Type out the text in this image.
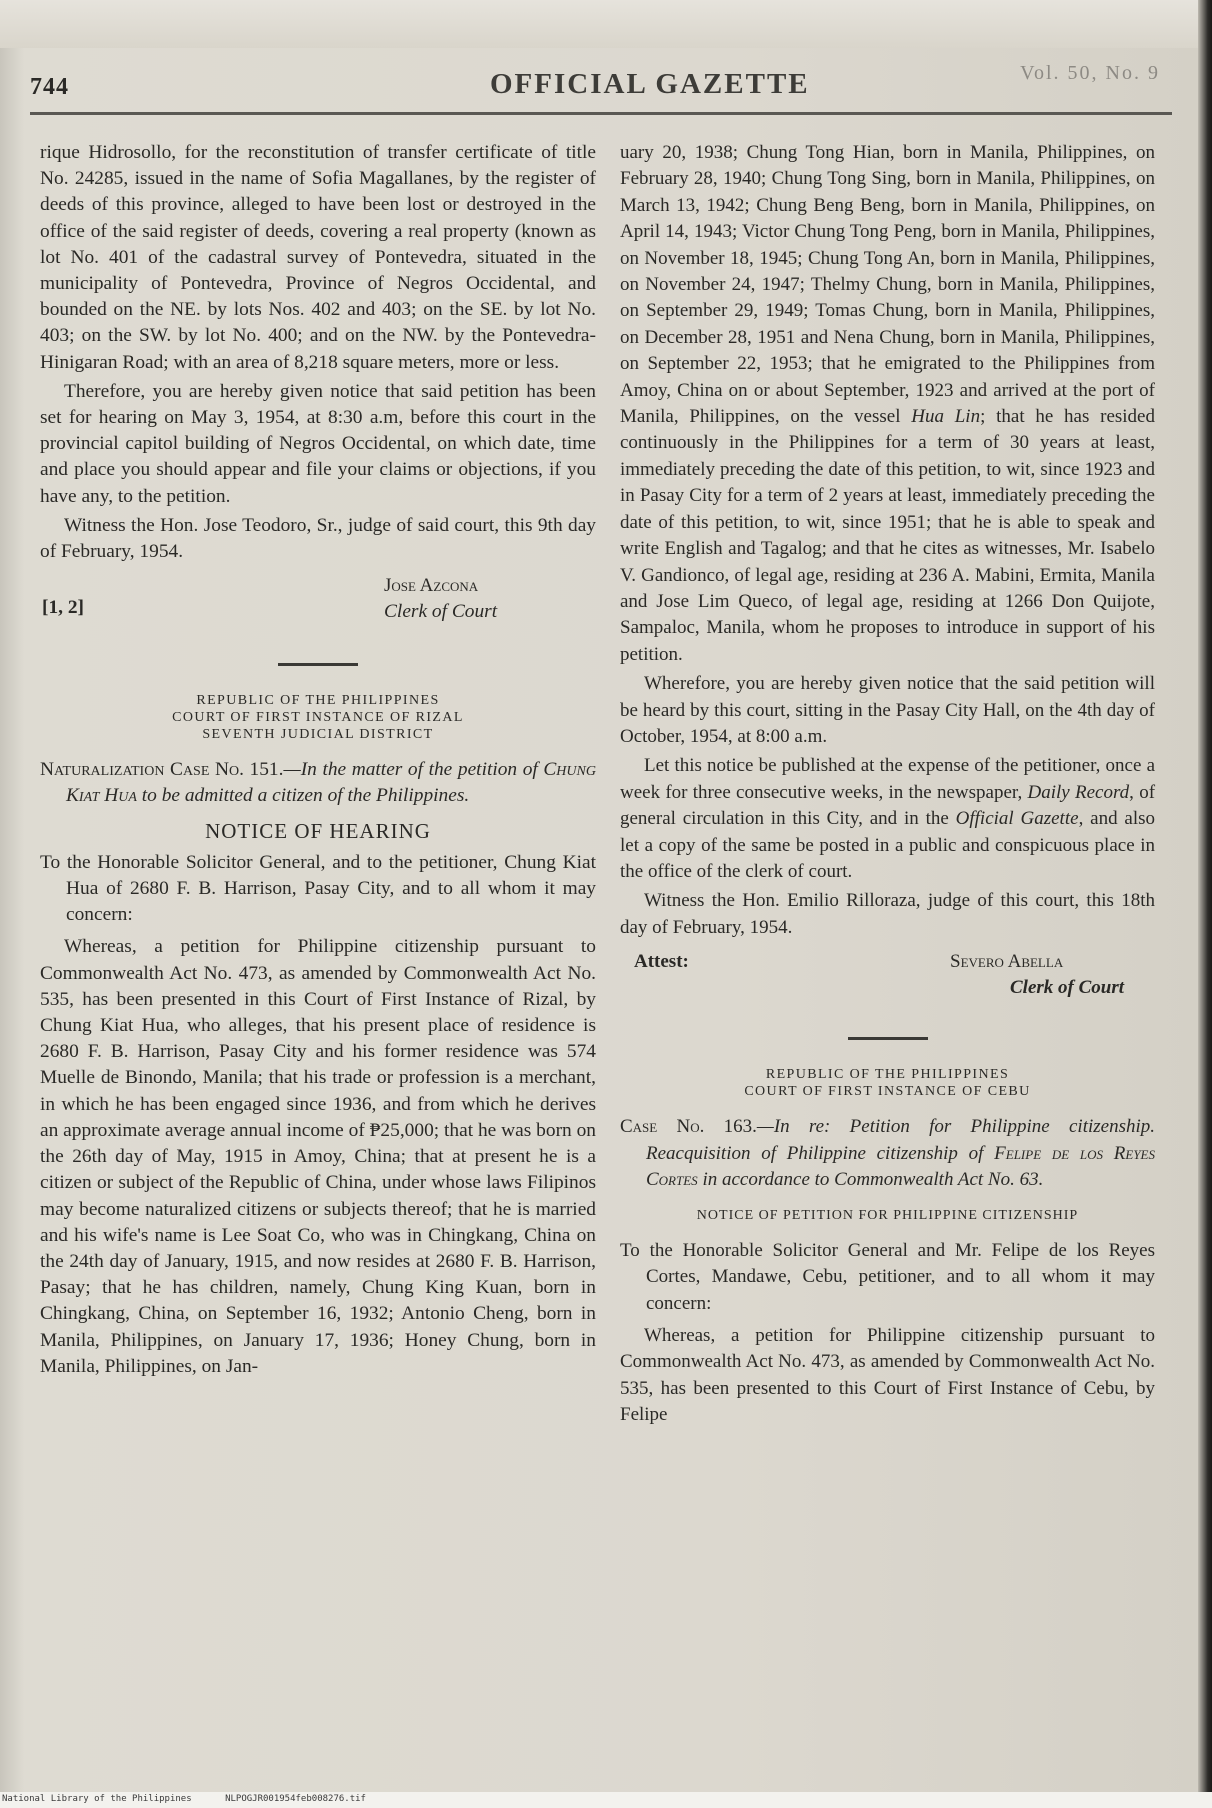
744	OFFICIAL GAZETTE	Vol. 50, No. 9

rique Hidrosollo, for the reconstitution of transfer certificate of title No. 24285, issued in the name of Sofia Magallanes, by the register of deeds of this province, alleged to have been lost or destroyed in the office of the said register of deeds, covering a real property (known as lot No. 401 of the cadastral survey of Pontevedra, situated in the municipality of Pontevedra, Province of Negros Occidental, and bounded on the NE. by lots Nos. 402 and 403; on the SE. by lot No. 403; on the SW. by lot No. 400; and on the NW. by the Pontevedra-Hinigaran Road; with an area of 8,218 square meters, more or less.

Therefore, you are hereby given notice that said petition has been set for hearing on May 3, 1954, at 8:30 a.m, before this court in the provincial capitol building of Negros Occidental, on which date, time and place you should appear and file your claims or objections, if you have any, to the petition.

Witness the Hon. Jose Teodoro, Sr., judge of said court, this 9th day of February, 1954.

Jose Azcona
Clerk of Court
[1, 2]
REPUBLIC OF THE PHILIPPINES
COURT OF FIRST INSTANCE OF RIZAL
SEVENTH JUDICIAL DISTRICT

Naturalization Case No. 151.—In the matter of the petition of Chung Kiat Hua to be admitted a citizen of the Philippines.

NOTICE OF HEARING

To the Honorable Solicitor General, and to the petitioner, Chung Kiat Hua of 2680 F. B. Harrison, Pasay City, and to all whom it may concern:

Whereas, a petition for Philippine citizenship pursuant to Commonwealth Act No. 473, as amended by Commonwealth Act No. 535, has been presented in this Court of First Instance of Rizal, by Chung Kiat Hua, who alleges, that his present place of residence is 2680 F. B. Harrison, Pasay City and his former residence was 574 Muelle de Binondo, Manila; that his trade or profession is a merchant, in which he has been engaged since 1936, and from which he derives an approximate average annual income of ₱25,000; that he was born on the 26th day of May, 1915 in Amoy, China; that at present he is a citizen or subject of the Republic of China, under whose laws Filipinos may become naturalized citizens or subjects thereof; that he is married and his wife's name is Lee Soat Co, who was in Chingkang, China on the 24th day of January, 1915, and now resides at 2680 F. B. Harrison, Pasay; that he has children, namely, Chung King Kuan, born in Chingkang, China, on September 16, 1932; Antonio Cheng, born in Manila, Philippines, on January 17, 1936; Honey Chung, born in Manila, Philippines, on Jan-

uary 20, 1938; Chung Tong Hian, born in Manila, Philippines, on February 28, 1940; Chung Tong Sing, born in Manila, Philippines, on March 13, 1942; Chung Beng Beng, born in Manila, Philippines, on April 14, 1943; Victor Chung Tong Peng, born in Manila, Philippines, on November 18, 1945; Chung Tong An, born in Manila, Philippines, on November 24, 1947; Thelmy Chung, born in Manila, Philippines, on September 29, 1949; Tomas Chung, born in Manila, Philippines, on December 28, 1951 and Nena Chung, born in Manila, Philippines, on September 22, 1953; that he emigrated to the Philippines from Amoy, China on or about September, 1923 and arrived at the port of Manila, Philippines, on the vessel Hua Lin; that he has resided continuously in the Philippines for a term of 30 years at least, immediately preceding the date of this petition, to wit, since 1923 and in Pasay City for a term of 2 years at least, immediately preceding the date of this petition, to wit, since 1951; that he is able to speak and write English and Tagalog; and that he cites as witnesses, Mr. Isabelo V. Gandionco, of legal age, residing at 236 A. Mabini, Ermita, Manila and Jose Lim Queco, of legal age, residing at 1266 Don Quijote, Sampaloc, Manila, whom he proposes to introduce in support of his petition.

Wherefore, you are hereby given notice that the said petition will be heard by this court, sitting in the Pasay City Hall, on the 4th day of October, 1954, at 8:00 a.m.

Let this notice be published at the expense of the petitioner, once a week for three consecutive weeks, in the newspaper, Daily Record, of general circulation in this City, and in the Official Gazette, and also let a copy of the same be posted in a public and conspicuous place in the office of the clerk of court.

Witness the Hon. Emilio Rilloraza, judge of this court, this 18th day of February, 1954.

Attest:	Severo Abella
Clerk of Court
REPUBLIC OF THE PHILIPPINES
COURT OF FIRST INSTANCE OF CEBU

Case No. 163.—In re: Petition for Philippine citizenship. Reacquisition of Philippine citizenship of Felipe de los Reyes Cortes in accordance to Commonwealth Act No. 63.

NOTICE OF PETITION FOR PHILIPPINE CITIZENSHIP

To the Honorable Solicitor General and Mr. Felipe de los Reyes Cortes, Mandawe, Cebu, petitioner, and to all whom it may concern:

Whereas, a petition for Philippine citizenship pursuant to Commonwealth Act No. 473, as amended by Commonwealth Act No. 535, has been presented to this Court of First Instance of Cebu, by Felipe

National Library of the Philippines	NLPOGJR001954feb008276.tif
